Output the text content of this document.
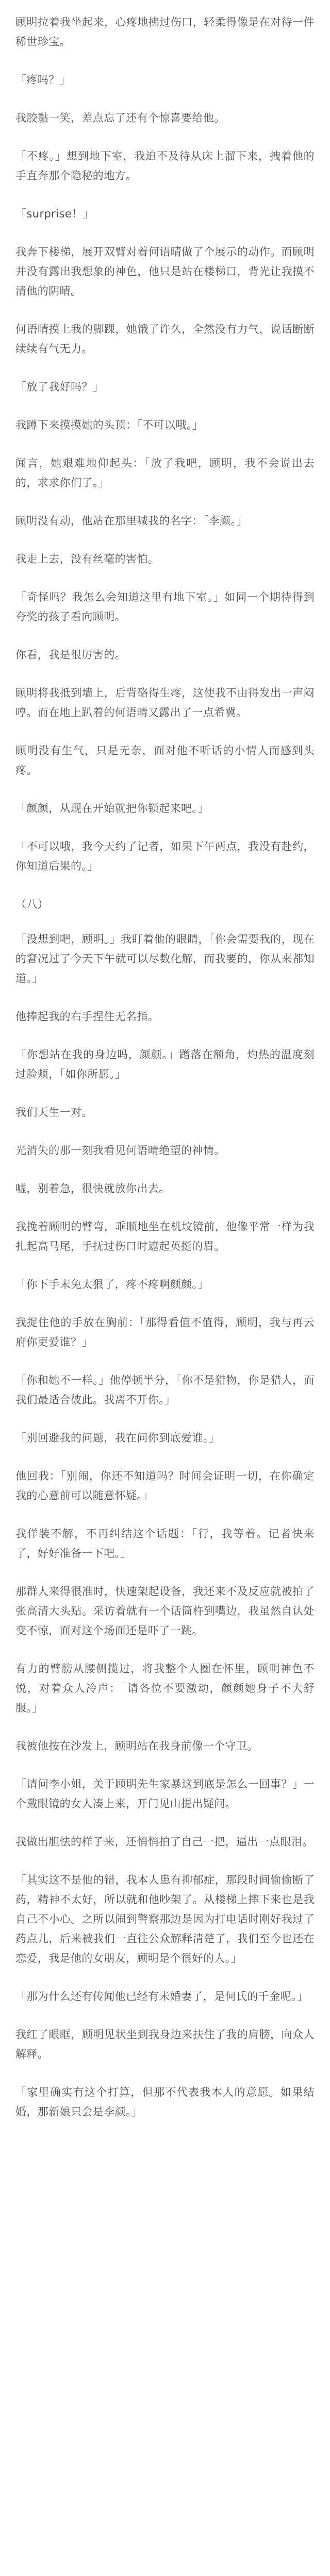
顾明拉着我坐起来，心疼地拂过伤口，轻柔得像是在对待一件稀世珍宝。

「疼吗？」

我胶黏一笑，差点忘了还有个惊喜要给他。

「不疼。」想到地下室，我迫不及待从床上溜下来，拽着他的手直奔那个隐秘的地方。

「surprise！」

我奔下楼梯，展开双臂对着何语晴做了个展示的动作。而顾明并没有露出我想象的神色，他只是站在楼梯口，背光让我摸不清他的阴晴。

何语晴摸上我的脚踝，她饿了许久，全然没有力气，说话断断续续有气无力。

「放了我好吗？」

我蹲下来摸摸她的头顶：「不可以哦。」

闻言，她艰难地仰起头：「放了我吧，顾明，我不会说出去的，求求你们了。」

顾明没有动，他站在那里喊我的名字：「李颜。」

我走上去，没有丝毫的害怕。

「奇怪吗？我怎么会知道这里有地下室。」如同一个期待得到夸奖的孩子看向顾明。

你看，我是很厉害的。

顾明将我抵到墙上，后背硌得生疼，这使我不由得发出一声闷哼。而在地上趴着的何语晴又露出了一点希冀。

顾明没有生气，只是无奈，面对他不听话的小情人而感到头疼。

「颜颜，从现在开始就把你锁起来吧。」

「不可以哦，我今天约了记者，如果下午两点，我没有赴约，你知道后果的。」

（八）

「没想到吧，顾明。」我盯着他的眼睛，「你会需要我的，现在的窘况过了今天下午就可以尽数化解，而我要的，你从来都知道。」

他捧起我的右手捏住无名指。

「你想站在我的身边吗，颜颜。」蹭落在额角，灼热的温度刻过脸颊，「如你所愿。」

我们天生一对。

光消失的那一刻我看见何语晴绝望的神情。

嘘，别着急，很快就放你出去。

我挽着顾明的臂弯，乖顺地坐在机坟镜前，他像平常一样为我扎起高马尾，手抚过伤口时遮起英挺的眉。

「你下手未免太狠了，疼不疼啊颜颜。」

我捉住他的手放在胸前：「那得看值不值得，顾明，我与再云府你更爱谁？」

「你和她不一样。」他停顿半分，「你不是猎物，你是猎人，而我们最适合彼此。我离不开你。」

「别回避我的问题，我在问你到底爱谁。」

他回我：「别闹，你还不知道吗？时间会证明一切，在你确定我的心意前可以随意怀疑。」

我佯装不解，不再纠结这个话题：「行，我等着。记者快来了，好好准备一下吧。」

那群人来得很准时，快速架起设备，我还来不及反应就被拍了张高清大头贴。采访着就有一个话筒杵到嘴边，我虽然自认处变不惊，面对这个场面还是吓了一跳。

有力的臂膀从腰侧揽过，将我整个人圈在怀里，顾明神色不悦，对着众人冷声：「请各位不要激动，颜颜她身子不大舒服。」

我被他按在沙发上，顾明站在我身前像一个守卫。

「请问李小姐，关于顾明先生家暴这到底是怎么一回事？」一个戴眼镜的女人凑上来，开门见山提出疑问。

我做出胆怯的样子来，还悄悄拍了自己一把，逼出一点眼泪。

「其实这不是他的错，我本人患有抑郁症，那段时间偷偷断了药，精神不太好，所以就和他吵架了。从楼梯上摔下来也是我自己不小心。之所以闹到警察那边是因为打电话时刚好我过了药点儿，后来被我们一直往公众解释清楚了，我们至今也还在恋爱，我是他的女朋友，顾明是个很好的人。」

「那为什么还有传闻他已经有未婚妻了，是何氏的千金呢。」

我红了眼眶，顾明见状坐到我身边来扶住了我的肩膀，向众人解释。

「家里确实有这个打算，但那不代表我本人的意愿。如果结婚，那新娘只会是李颜。」
